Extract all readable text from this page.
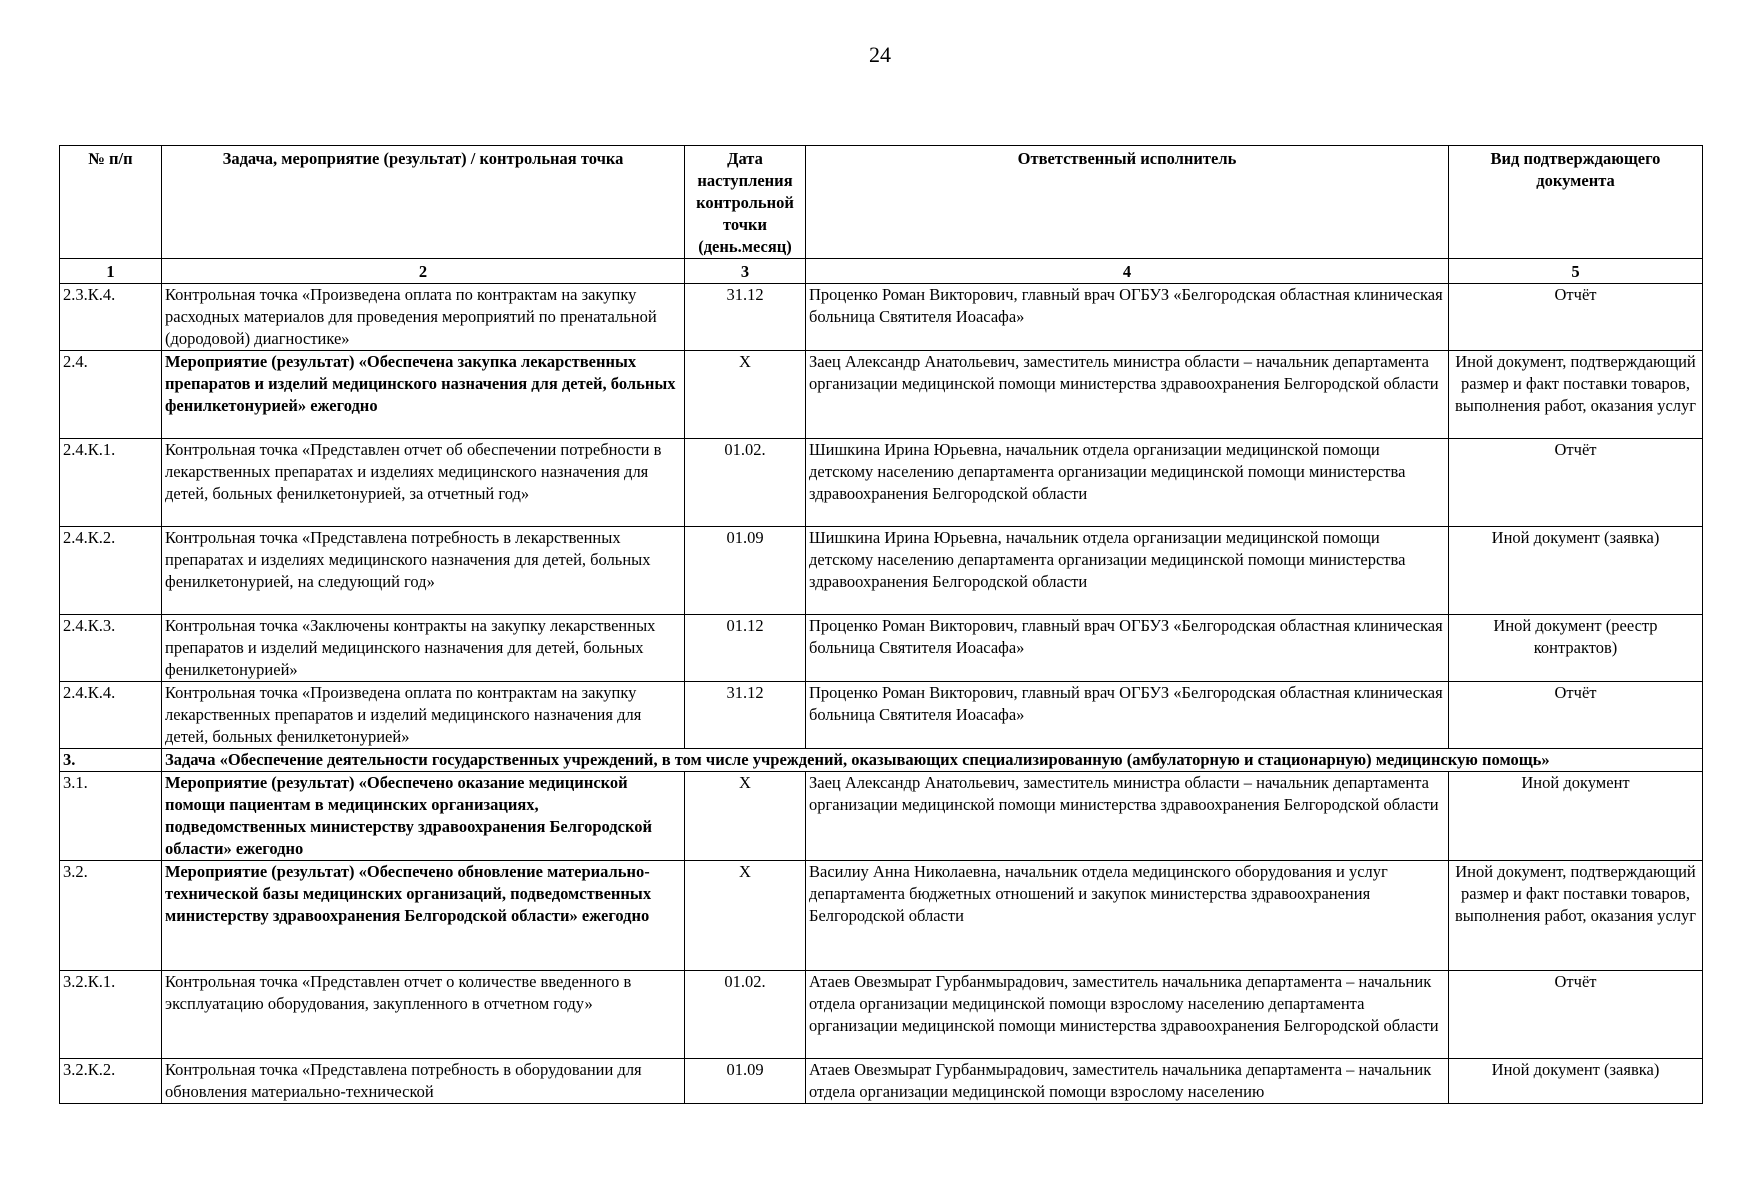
24
№ п/п	Задача, мероприятие (результат) / контрольная точка	Дата наступления контрольной точки (день.месяц)	Ответственный исполнитель	Вид подтверждающего документа
1	2	3	4	5
2.3.К.4.	Контрольная точка «Произведена оплата по контрактам на закупку расходных материалов для проведения мероприятий по пренатальной (дородовой) диагностике»	31.12	Проценко Роман Викторович, главный врач ОГБУЗ «Белгородская областная клиническая больница Святителя Иоасафа»	Отчёт
2.4.	Мероприятие (результат) «Обеспечена закупка лекарственных препаратов и изделий медицинского назначения для детей, больных фенилкетонурией» ежегодно	X	Заец Александр Анатольевич, заместитель министра области – начальник департамента организации медицинской помощи министерства здравоохранения Белгородской области	Иной документ, подтверждающий размер и факт поставки товаров, выполнения работ, оказания услуг
2.4.К.1.	Контрольная точка «Представлен отчет об обеспечении потребности в лекарственных препаратах и изделиях медицинского назначения для детей, больных фенилкетонурией, за отчетный год»	01.02.	Шишкина Ирина Юрьевна, начальник отдела организации медицинской помощи детскому населению департамента организации медицинской помощи министерства здравоохранения Белгородской области	Отчёт
2.4.К.2.	Контрольная точка «Представлена потребность в лекарственных препаратах и изделиях медицинского назначения для детей, больных фенилкетонурией, на следующий год»	01.09	Шишкина Ирина Юрьевна, начальник отдела организации медицинской помощи детскому населению департамента организации медицинской помощи министерства здравоохранения Белгородской области	Иной документ (заявка)
2.4.К.3.	Контрольная точка «Заключены контракты на закупку лекарственных препаратов и изделий медицинского назначения для детей, больных фенилкетонурией»	01.12	Проценко Роман Викторович, главный врач ОГБУЗ «Белгородская областная клиническая больница Святителя Иоасафа»	Иной документ (реестр контрактов)
2.4.К.4.	Контрольная точка «Произведена оплата по контрактам на закупку лекарственных препаратов и изделий медицинского назначения для детей, больных фенилкетонурией»	31.12	Проценко Роман Викторович, главный врач ОГБУЗ «Белгородская областная клиническая больница Святителя Иоасафа»	Отчёт
3.	Задача «Обеспечение деятельности государственных учреждений, в том числе учреждений, оказывающих специализированную (амбулаторную и стационарную) медицинскую помощь»			
3.1.	Мероприятие (результат) «Обеспечено оказание медицинской помощи пациентам в медицинских организациях, подведомственных министерству здравоохранения Белгородской области» ежегодно	X	Заец Александр Анатольевич, заместитель министра области – начальник департамента организации медицинской помощи министерства здравоохранения Белгородской области	Иной документ
3.2.	Мероприятие (результат) «Обеспечено обновление материально-технической базы медицинских организаций, подведомственных министерству здравоохранения Белгородской области» ежегодно	X	Василиу Анна Николаевна, начальник отдела медицинского оборудования и услуг департамента бюджетных отношений и закупок министерства здравоохранения Белгородской области	Иной документ, подтверждающий размер и факт поставки товаров, выполнения работ, оказания услуг
3.2.К.1.	Контрольная точка «Представлен отчет о количестве введенного в эксплуатацию оборудования, закупленного в отчетном году»	01.02.	Атаев Овезмырат Гурбанмырадович, заместитель начальника департамента – начальник отдела организации медицинской помощи взрослому населению департамента организации медицинской помощи министерства здравоохранения Белгородской области	Отчёт
3.2.К.2.	Контрольная точка «Представлена потребность в оборудовании для обновления материально-технической	01.09	Атаев Овезмырат Гурбанмырадович, заместитель начальника департамента – начальник отдела организации медицинской помощи взрослому населению	Иной документ (заявка)
